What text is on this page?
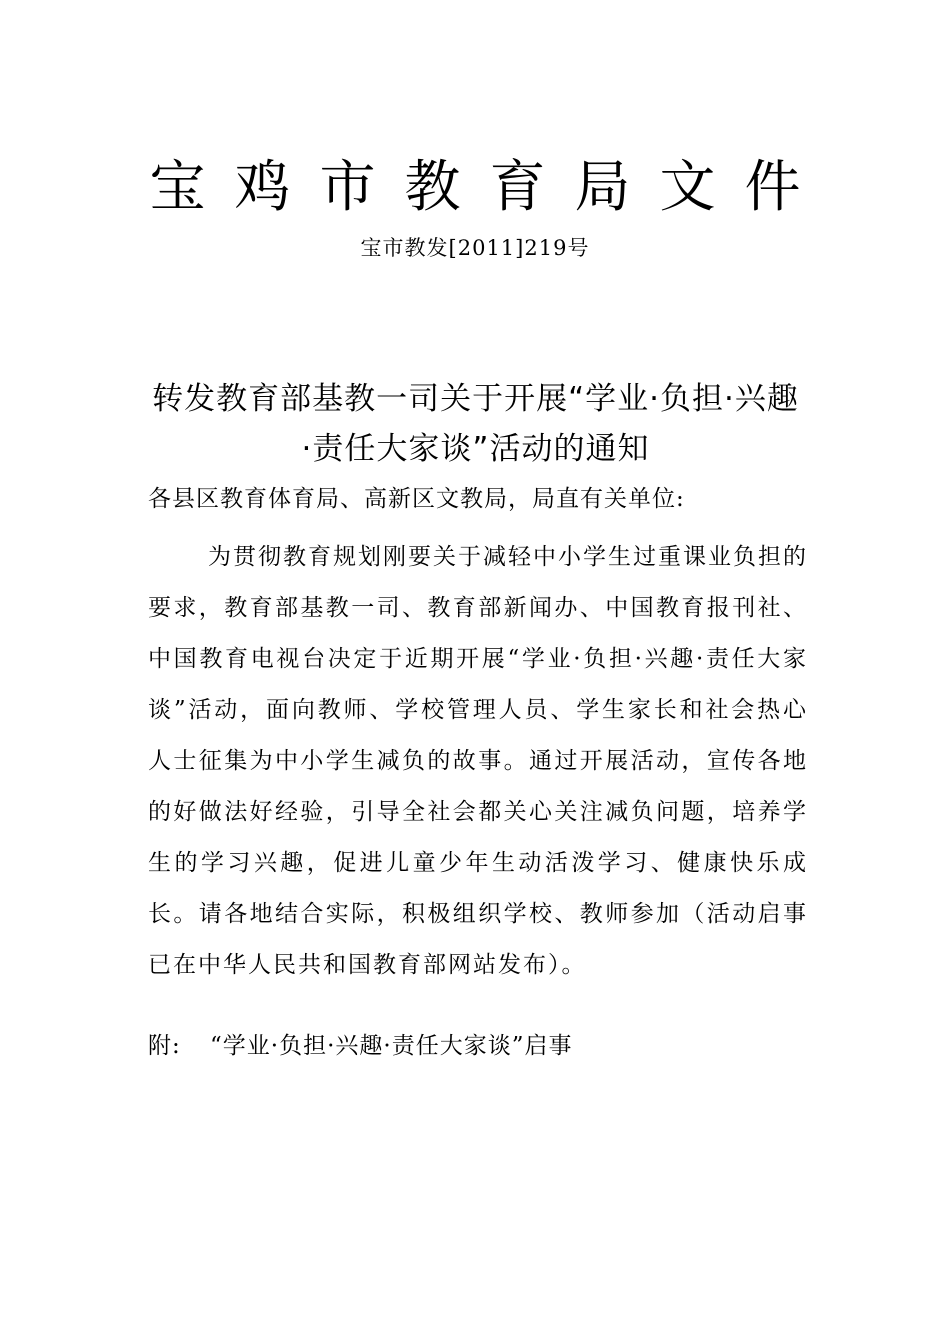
宝鸡市教育局文件
宝市教发[2011]219号
转发教育部基教一司关于开展“学业·负担·兴趣·责任大家谈”活动的通知

各县区教育体育局、高新区文教局，局直有关单位:

为贯彻教育规划刚要关于减轻中小学生过重课业负担的要求，教育部基教一司、教育部新闻办、中国教育报刊社、中国教育电视台决定于近期开展“学业·负担·兴趣·责任大家谈”活动，面向教师、学校管理人员、学生家长和社会热心人士征集为中小学生减负的故事。通过开展活动，宣传各地的好做法好经验，引导全社会都关心关注减负问题，培养学生的学习兴趣，促进儿童少年生动活泼学习、健康快乐成长。请各地结合实际，积极组织学校、教师参加（活动启事已在中华人民共和国教育部网站发布）。

附: “学业·负担·兴趣·责任大家谈”启事
